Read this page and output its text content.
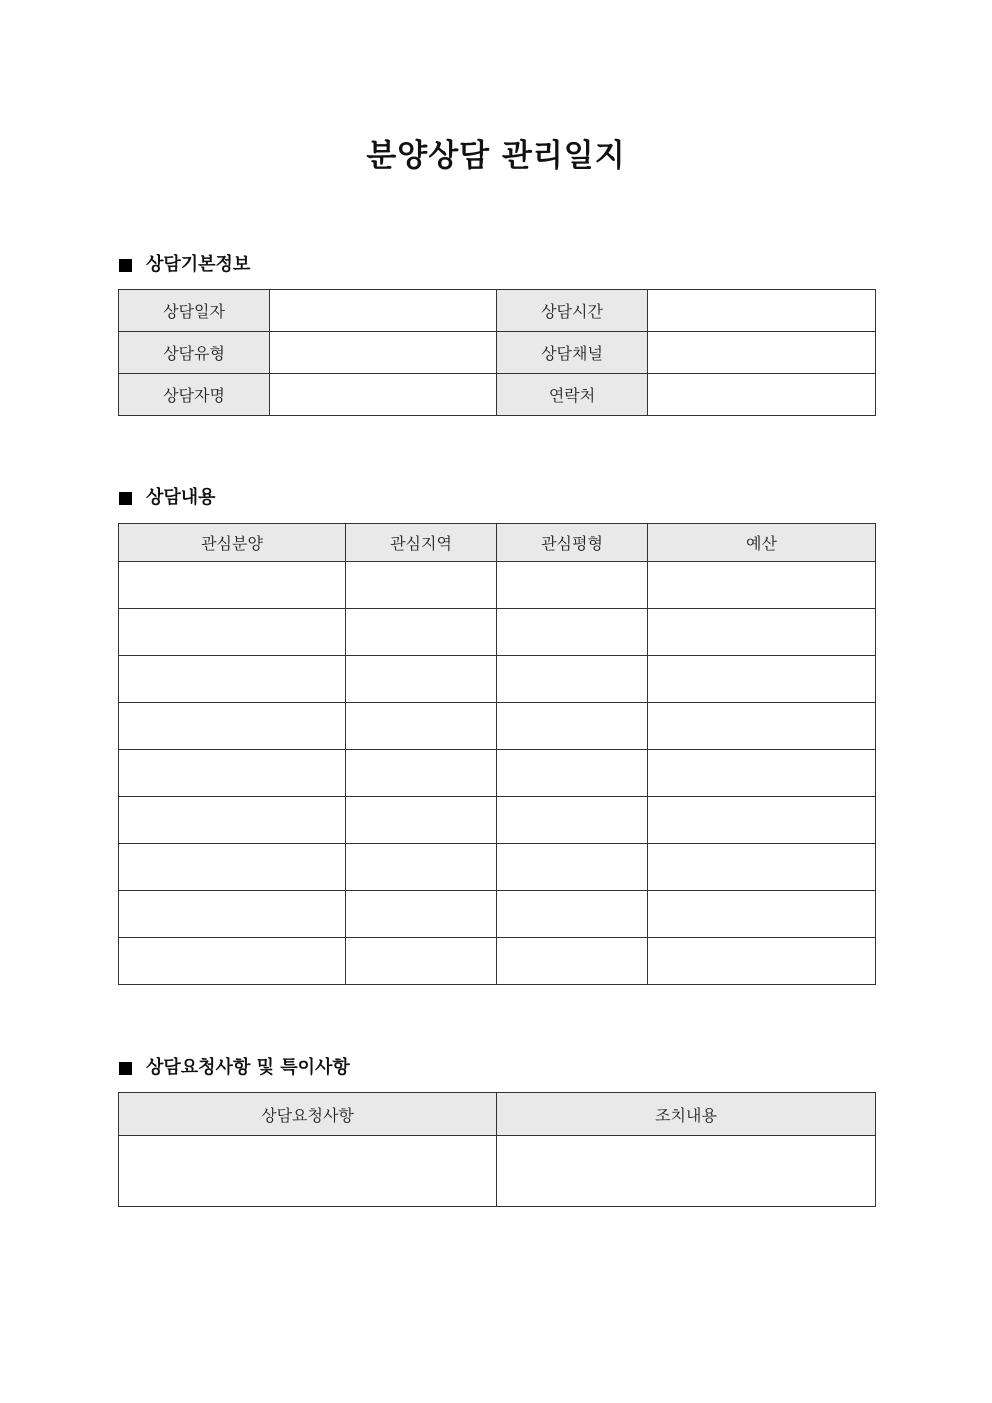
분양상담 관리일지
상담기본정보
상담일자		상담시간	
상담유형		상담채널	
상담자명		연락처	
상담내용
관심분양	관심지역	관심평형	예산

상담요청사항 및 특이사항
상담요청사항	조치내용
